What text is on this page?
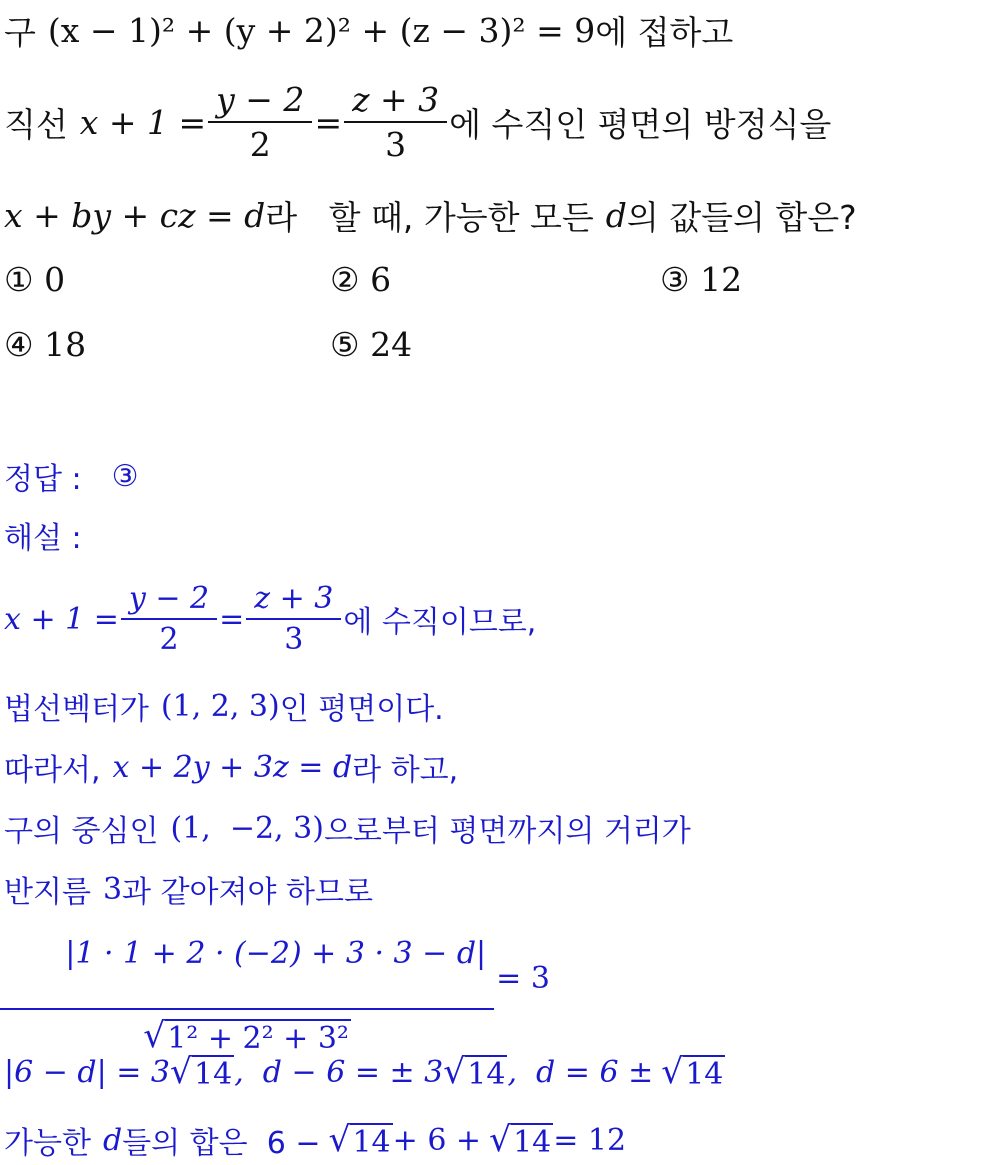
구 (x − 1)² + (y + 2)² + (z − 3)² = 9 에 접하고
직선 $x + 1 = \frac{y - 2}{2} = \frac{z + 3}{3}$ 에 수직인 평면의 방정식을
x + by + cz = d 라   할 때, 가능한 모든 d 의 값들의 합은?
① 0	② 6	③ 12
④ 18	⑤ 24
정답 : ③
해설 :
$x + 1 = \frac{y - 2}{2} = \frac{z + 3}{3}$ 에 수직이므로,
법선벡터가 (1, 2, 3) 인 평면이다.
따라서, x + 2y + 3z = d 라 하고,
구의 중심인 (1,  −2, 3) 으로부터 평면까지의 거리가
반지름 3 과 같아져야 하므로

$\frac{|1 \cdot 1 + 2 \cdot (-2) + 3 \cdot 3 - d|}{\text{√ 1² + 2² + 3²}} = 3$
|6 − d| = 3 √ 14 ,  d − 6 = ± 3 √ 14 ,  d = 6 ± √ 14
가능한 d 들의 합은  6 − √ 14 + 6 + √ 14 = 12
